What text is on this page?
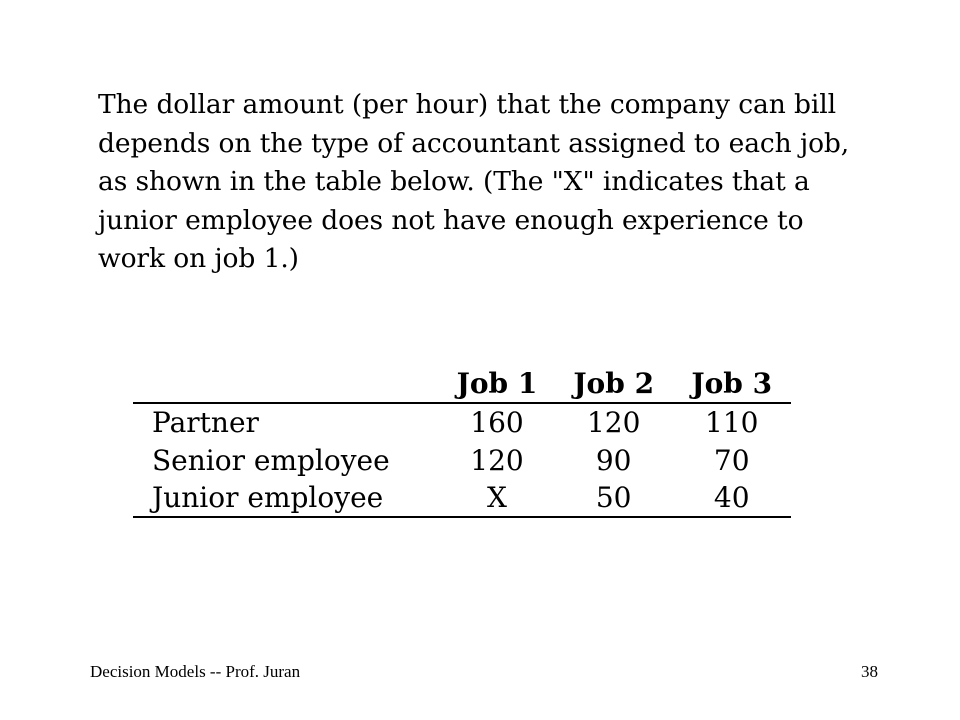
The dollar amount (per hour) that the company can bill depends on the type of accountant assigned to each job, as shown in the table below. (The "X" indicates that a junior employee does not have enough experience to work on job 1.)

	Job 1	Job 2	Job 3
Partner	160	120	110
Senior employee	120	90	70
Junior employee	X	50	40
Decision Models -- Prof. Juran	38
